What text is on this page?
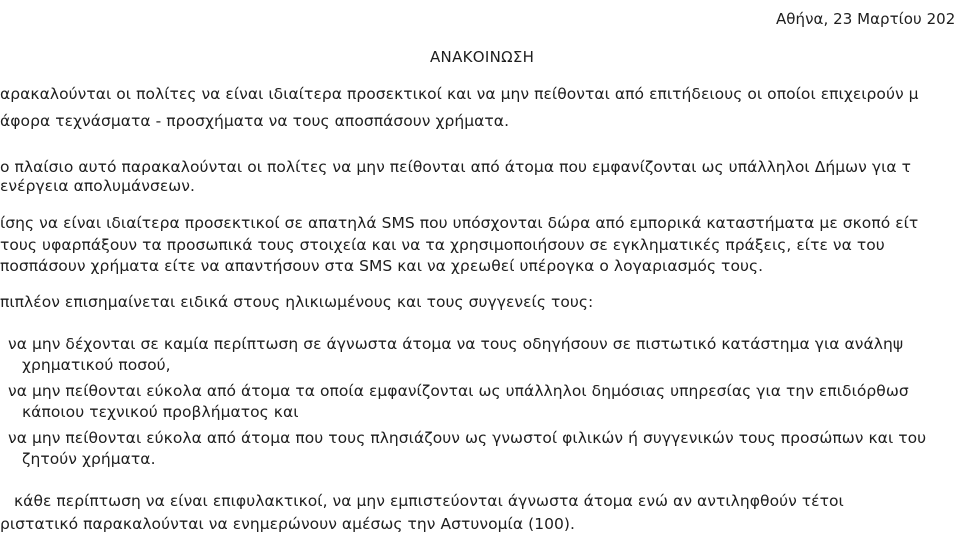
Αθήνα, 23 Μαρτίου 202
ΑΝΑΚΟΙΝΩΣΗ
αρακαλούνται οι πολίτες να είναι ιδιαίτερα προσεκτικοί και να μην πείθονται από επιτήδειους οι οποίοι επιχειρούν μ
άφορα τεχνάσματα - προσχήματα να τους αποσπάσουν χρήματα.
ο πλαίσιο αυτό παρακαλούνται οι πολίτες να μην πείθονται από άτομα που εμφανίζονται ως υπάλληλοι Δήμων για τ
ενέργεια απολυμάνσεων.
ίσης να είναι ιδιαίτερα προσεκτικοί σε απατηλά SMS που υπόσχονται δώρα από εμπορικά καταστήματα με σκοπό είτ
τους υφαρπάξουν τα προσωπικά τους στοιχεία και να τα χρησιμοποιήσουν σε εγκληματικές πράξεις, είτε να του
ποσπάσουν χρήματα είτε να απαντήσουν στα SMS και να χρεωθεί υπέρογκα ο λογαριασμός τους.
πιπλέον επισημαίνεται ειδικά στους ηλικιωμένους και τους συγγενείς τους:
να μην δέχονται σε καμία περίπτωση σε άγνωστα άτομα να τους οδηγήσουν σε πιστωτικό κατάστημα για ανάληψ
χρηματικού ποσού,
να μην πείθονται εύκολα από άτομα τα οποία εμφανίζονται ως υπάλληλοι δημόσιας υπηρεσίας για την επιδιόρθωσ
κάποιου τεχνικού προβλήματος και
να μην πείθονται εύκολα από άτομα που τους πλησιάζουν ως γνωστοί φιλικών ή συγγενικών τους προσώπων και του
ζητούν χρήματα.
κάθε περίπτωση να είναι επιφυλακτικοί, να μην εμπιστεύονται άγνωστα άτομα ενώ αν αντιληφθούν τέτοι
ριστατικό παρακαλούνται να ενημερώνουν αμέσως την Αστυνομία (100).
